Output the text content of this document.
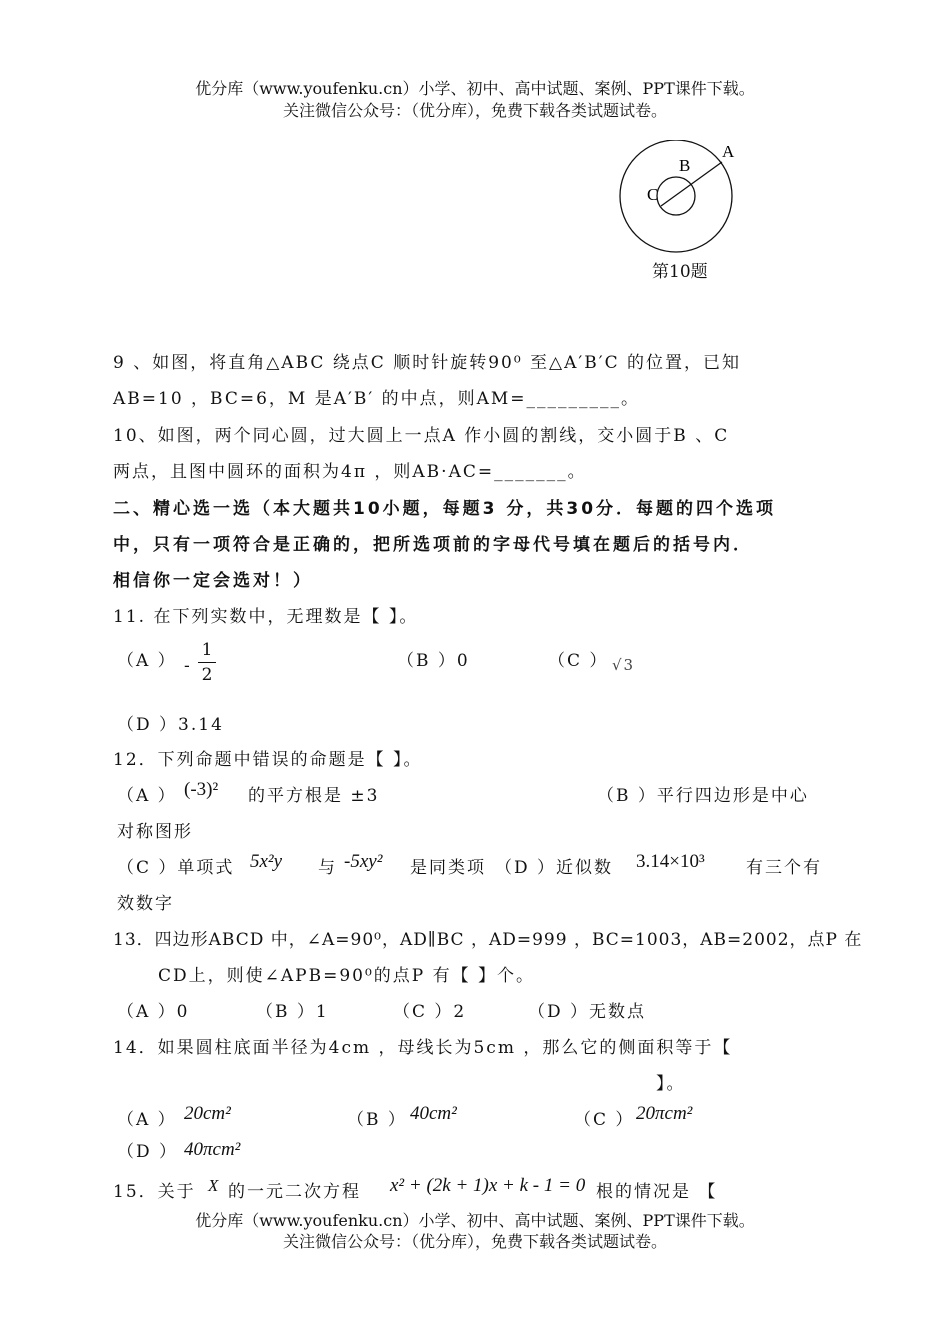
优分库（www.youfenku.cn）小学、初中、高中试题、案例、PPT课件下载。
关注微信公众号：（优分库），免费下载各类试题试卷。
A
B
C
第10题
9 、如图，将直角△ABC 绕点C 顺时针旋转90⁰ 至△A′B′C 的位置，已知
AB=10 ，BC=6，M 是A′B′ 的中点，则AM=_________。
10、如图，两个同心圆，过大圆上一点A 作小圆的割线，交小圆于B 、C
两点，且图中圆环的面积为4π ，则AB·AC=_______。
二、精心选一选（本大题共10小题，每题3 分，共30分．每题的四个选项
中，只有一项符合是正确的，把所选项前的字母代号填在题后的括号内．
相信你一定会选对！）
11. 在下列实数中，无理数是【 】。
（A ） - $\frac{1}{2}$	（B ）0	（C ） √3
（D ）3.14
12．下列命题中错误的命题是【 】。
（A ） (-3)² 的平方根是 ±3	（B ）平行四边形是中心
对称图形
（C ）单项式 5x²y 与 -5xy² 是同类项 （D ）近似数 3.14×10³ 有三个有
效数字
13．四边形ABCD 中，∠A=90⁰，AD∥BC ，AD=999 ，BC=1003，AB=2002，点P 在
CD上，则使∠APB=90⁰的点P 有【 】个。
（A ）0	（B ）1	（C ）2	（D ）无数点
14．如果圆柱底面半径为4cm ，母线长为5cm ，那么它的侧面积等于【
】。
（A ） 20cm²	（B ） 40cm²	（C ） 20πcm²
（D ） 40πcm²
15．关于 X 的一元二次方程 x² + (2k + 1)x + k - 1 = 0 根的情况是 【
优分库（www.youfenku.cn）小学、初中、高中试题、案例、PPT课件下载。
关注微信公众号：（优分库），免费下载各类试题试卷。
